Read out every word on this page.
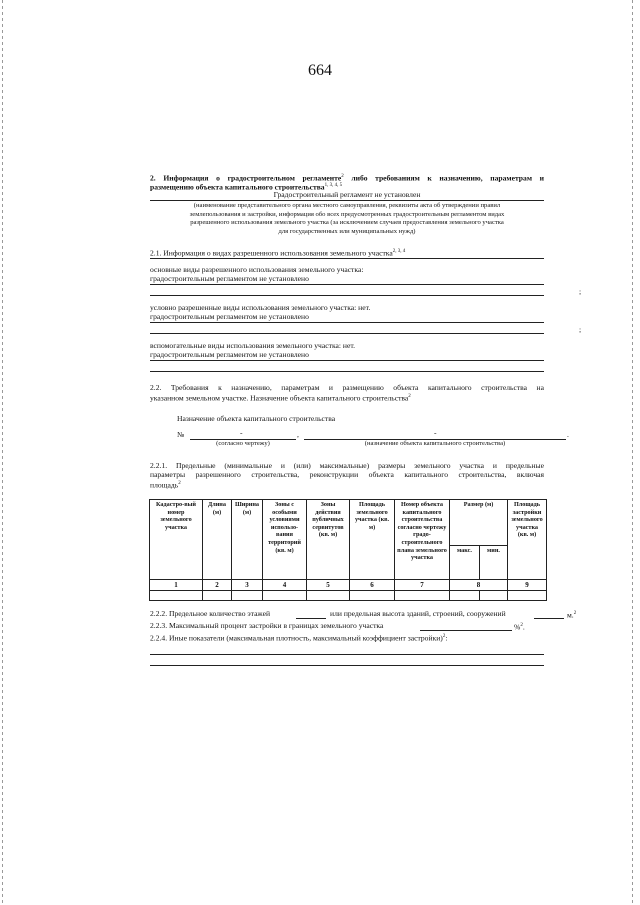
664
2. Информация о градостроительном регламенте$^2$ либо требованиям к назначению, параметрам и
размещению объекта капитального строительства$^{1, 3, 4, 5}$
Градостроительный регламент не установлен
(наименование представительного органа местного самоуправления, реквизиты акта об утверждении правил
землепользования и застройки, информация обо всех предусмотренных градостроительным регламентом видах
разрешенного использования земельного участка (за исключением случаев предоставления земельного участка
для государственных или муниципальных нужд)
2.1. Информация о видах разрешенного использования земельного участка$^{2, 3, 4}$
основные виды разрешенного использования земельного участка:
градостроительным регламентом не установлено
;
условно разрешенные виды использования земельного участка: нет.
градостроительным регламентом не установлено
;
вспомогательные виды использования земельного участка: нет.
градостроительным регламентом не установлено
2.2. Требования к назначению, параметрам и размещению объекта капитального строительства на
указанном земельном участке. Назначение объекта капитального строительства$^2$
Назначение объекта капитального строительства
№	-	,	-	.
(согласно чертежу)	(назначение объекта капитального строительства)
2.2.1. Предельные (минимальные и (или) максимальные) размеры земельного участка и предельные
параметры разрешенного строительства, реконструкции объекта капитального строительства, включая
площадь$^2$
Кадастро-вый номер земельного участка	Длина (м)	Ширина (м)	Зоны с особыми условиями использо-вания территорий (кв. м)	Зоны действия публичных сервитутов (кв. м)	Площадь земельного участка (кв. м)	Номер объекта капитального строительства согласно чертежу градо-строительного плана земельного участка	Размер (м)		Площадь застройки земельного участка (кв. м)
							макс.	мин.	
1	2	3	4	5	6	7	8		9

2.2.2. Предельное количество этажей	или предельная высота зданий, строений, сооружений	м.$^2$
2.2.3. Максимальный процент застройки в границах земельного участка	%$^2$.
2.2.4. Иные показатели (максимальная плотность, максимальный коэффициент застройки)$^2$:
